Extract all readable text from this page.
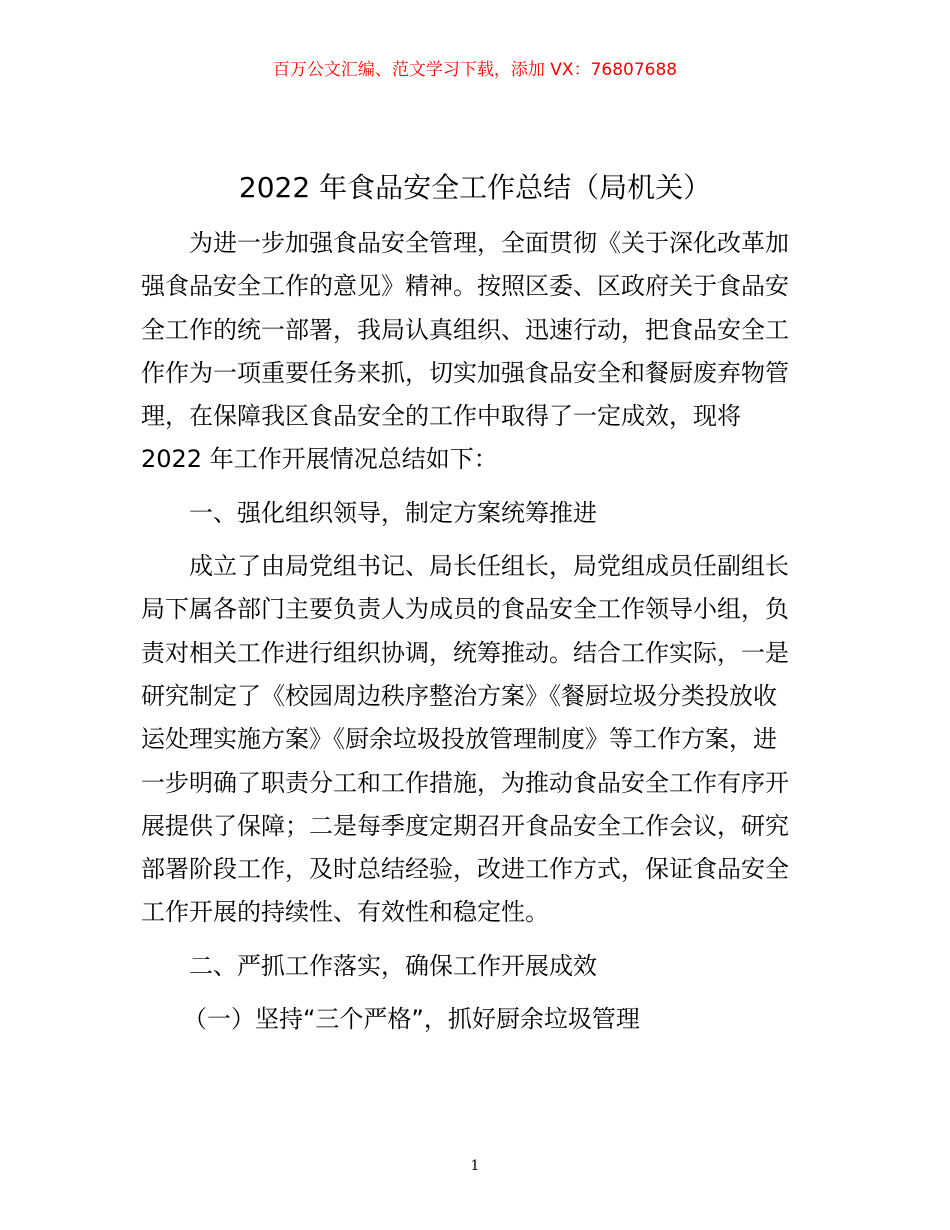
百万公文汇编、范文学习下载，添加 VX：76807688
2022 年食品安全工作总结（局机关）
为进一步加强食品安全管理，全面贯彻《关于深化改革加
强食品安全工作的意见》精神。按照区委、区政府关于食品安
全工作的统一部署，我局认真组织、迅速行动，把食品安全工
作作为一项重要任务来抓，切实加强食品安全和餐厨废弃物管
理，在保障我区食品安全的工作中取得了一定成效，现将
2022 年工作开展情况总结如下：
一、强化组织领导，制定方案统筹推进
成立了由局党组书记、局长任组长，局党组成员任副组长
局下属各部门主要负责人为成员的食品安全工作领导小组，负
责对相关工作进行组织协调，统筹推动。结合工作实际，一是
研究制定了《校园周边秩序整治方案》《餐厨垃圾分类投放收
运处理实施方案》《厨余垃圾投放管理制度》等工作方案，进
一步明确了职责分工和工作措施，为推动食品安全工作有序开
展提供了保障；二是每季度定期召开食品安全工作会议，研究
部署阶段工作，及时总结经验，改进工作方式，保证食品安全
工作开展的持续性、有效性和稳定性。
二、严抓工作落实，确保工作开展成效
（一）坚持“三个严格”，抓好厨余垃圾管理
1
